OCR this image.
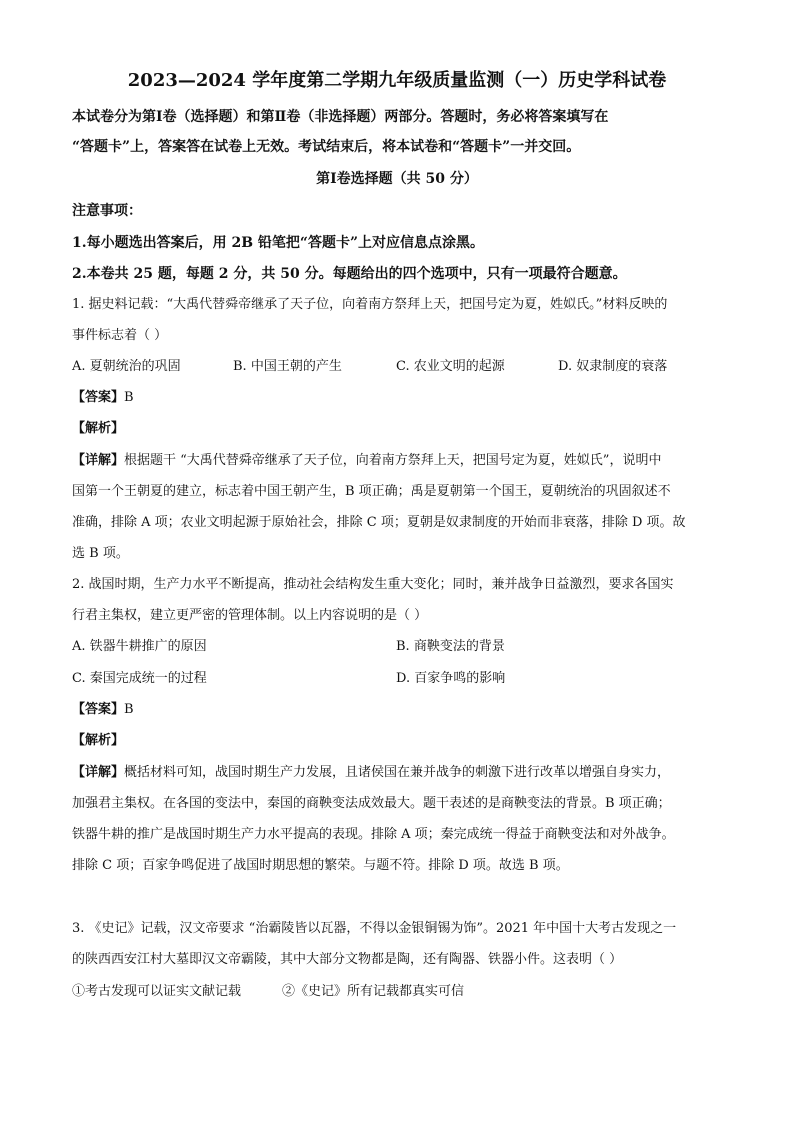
2023—2024 学年度第二学期九年级质量监测（一）历史学科试卷
本试卷分为第Ⅰ卷（选择题）和第Ⅱ卷（非选择题）两部分。答题时，务必将答案填写在
“答题卡”上，答案答在试卷上无效。考试结束后，将本试卷和“答题卡”一并交回。
第Ⅰ卷选择题（共 50 分）
注意事项：
1.每小题选出答案后，用 2B 铅笔把“答题卡”上对应信息点涂黑。
2.本卷共 25 题，每题 2 分，共 50 分。每题给出的四个选项中，只有一项最符合题意。
1. 据史料记载：“大禹代替舜帝继承了天子位，向着南方祭拜上天，把国号定为夏，姓姒氏。”材料反映的
事件标志着（ ）
A. 夏朝统治的巩固	B. 中国王朝的产生	C. 农业文明的起源	D. 奴隶制度的衰落
【答案】B
【解析】
【详解】根据题干 “大禹代替舜帝继承了天子位，向着南方祭拜上天，把国号定为夏，姓姒氏”，说明中
国第一个王朝夏的建立，标志着中国王朝产生，B 项正确；禹是夏朝第一个国王，夏朝统治的巩固叙述不
准确，排除 A 项；农业文明起源于原始社会，排除 C 项；夏朝是奴隶制度的开始而非衰落，排除 D 项。故
选 B 项。
2. 战国时期，生产力水平不断提高，推动社会结构发生重大变化；同时，兼并战争日益激烈，要求各国实
行君主集权，建立更严密的管理体制。以上内容说明的是（ ）
A. 铁器牛耕推广的原因	B. 商鞅变法的背景
C. 秦国完成统一的过程	D. 百家争鸣的影响
【答案】B
【解析】
【详解】概括材料可知，战国时期生产力发展，且诸侯国在兼并战争的刺激下进行改革以增强自身实力，
加强君主集权。在各国的变法中，秦国的商鞅变法成效最大。题干表述的是商鞅变法的背景。B 项正确；
铁器牛耕的推广是战国时期生产力水平提高的表现。排除 A 项；秦完成统一得益于商鞅变法和对外战争。
排除 C 项；百家争鸣促进了战国时期思想的繁荣。与题不符。排除 D 项。故选 B 项。
3. 《史记》记载，汉文帝要求 “治霸陵皆以瓦器，不得以金银铜锡为饰”。2021 年中国十大考古发现之一
的陕西西安江村大墓即汉文帝霸陵，其中大部分文物都是陶，还有陶器、铁器小件。这表明（ ）
①考古发现可以证实文献记载	②《史记》所有记载都真实可信
